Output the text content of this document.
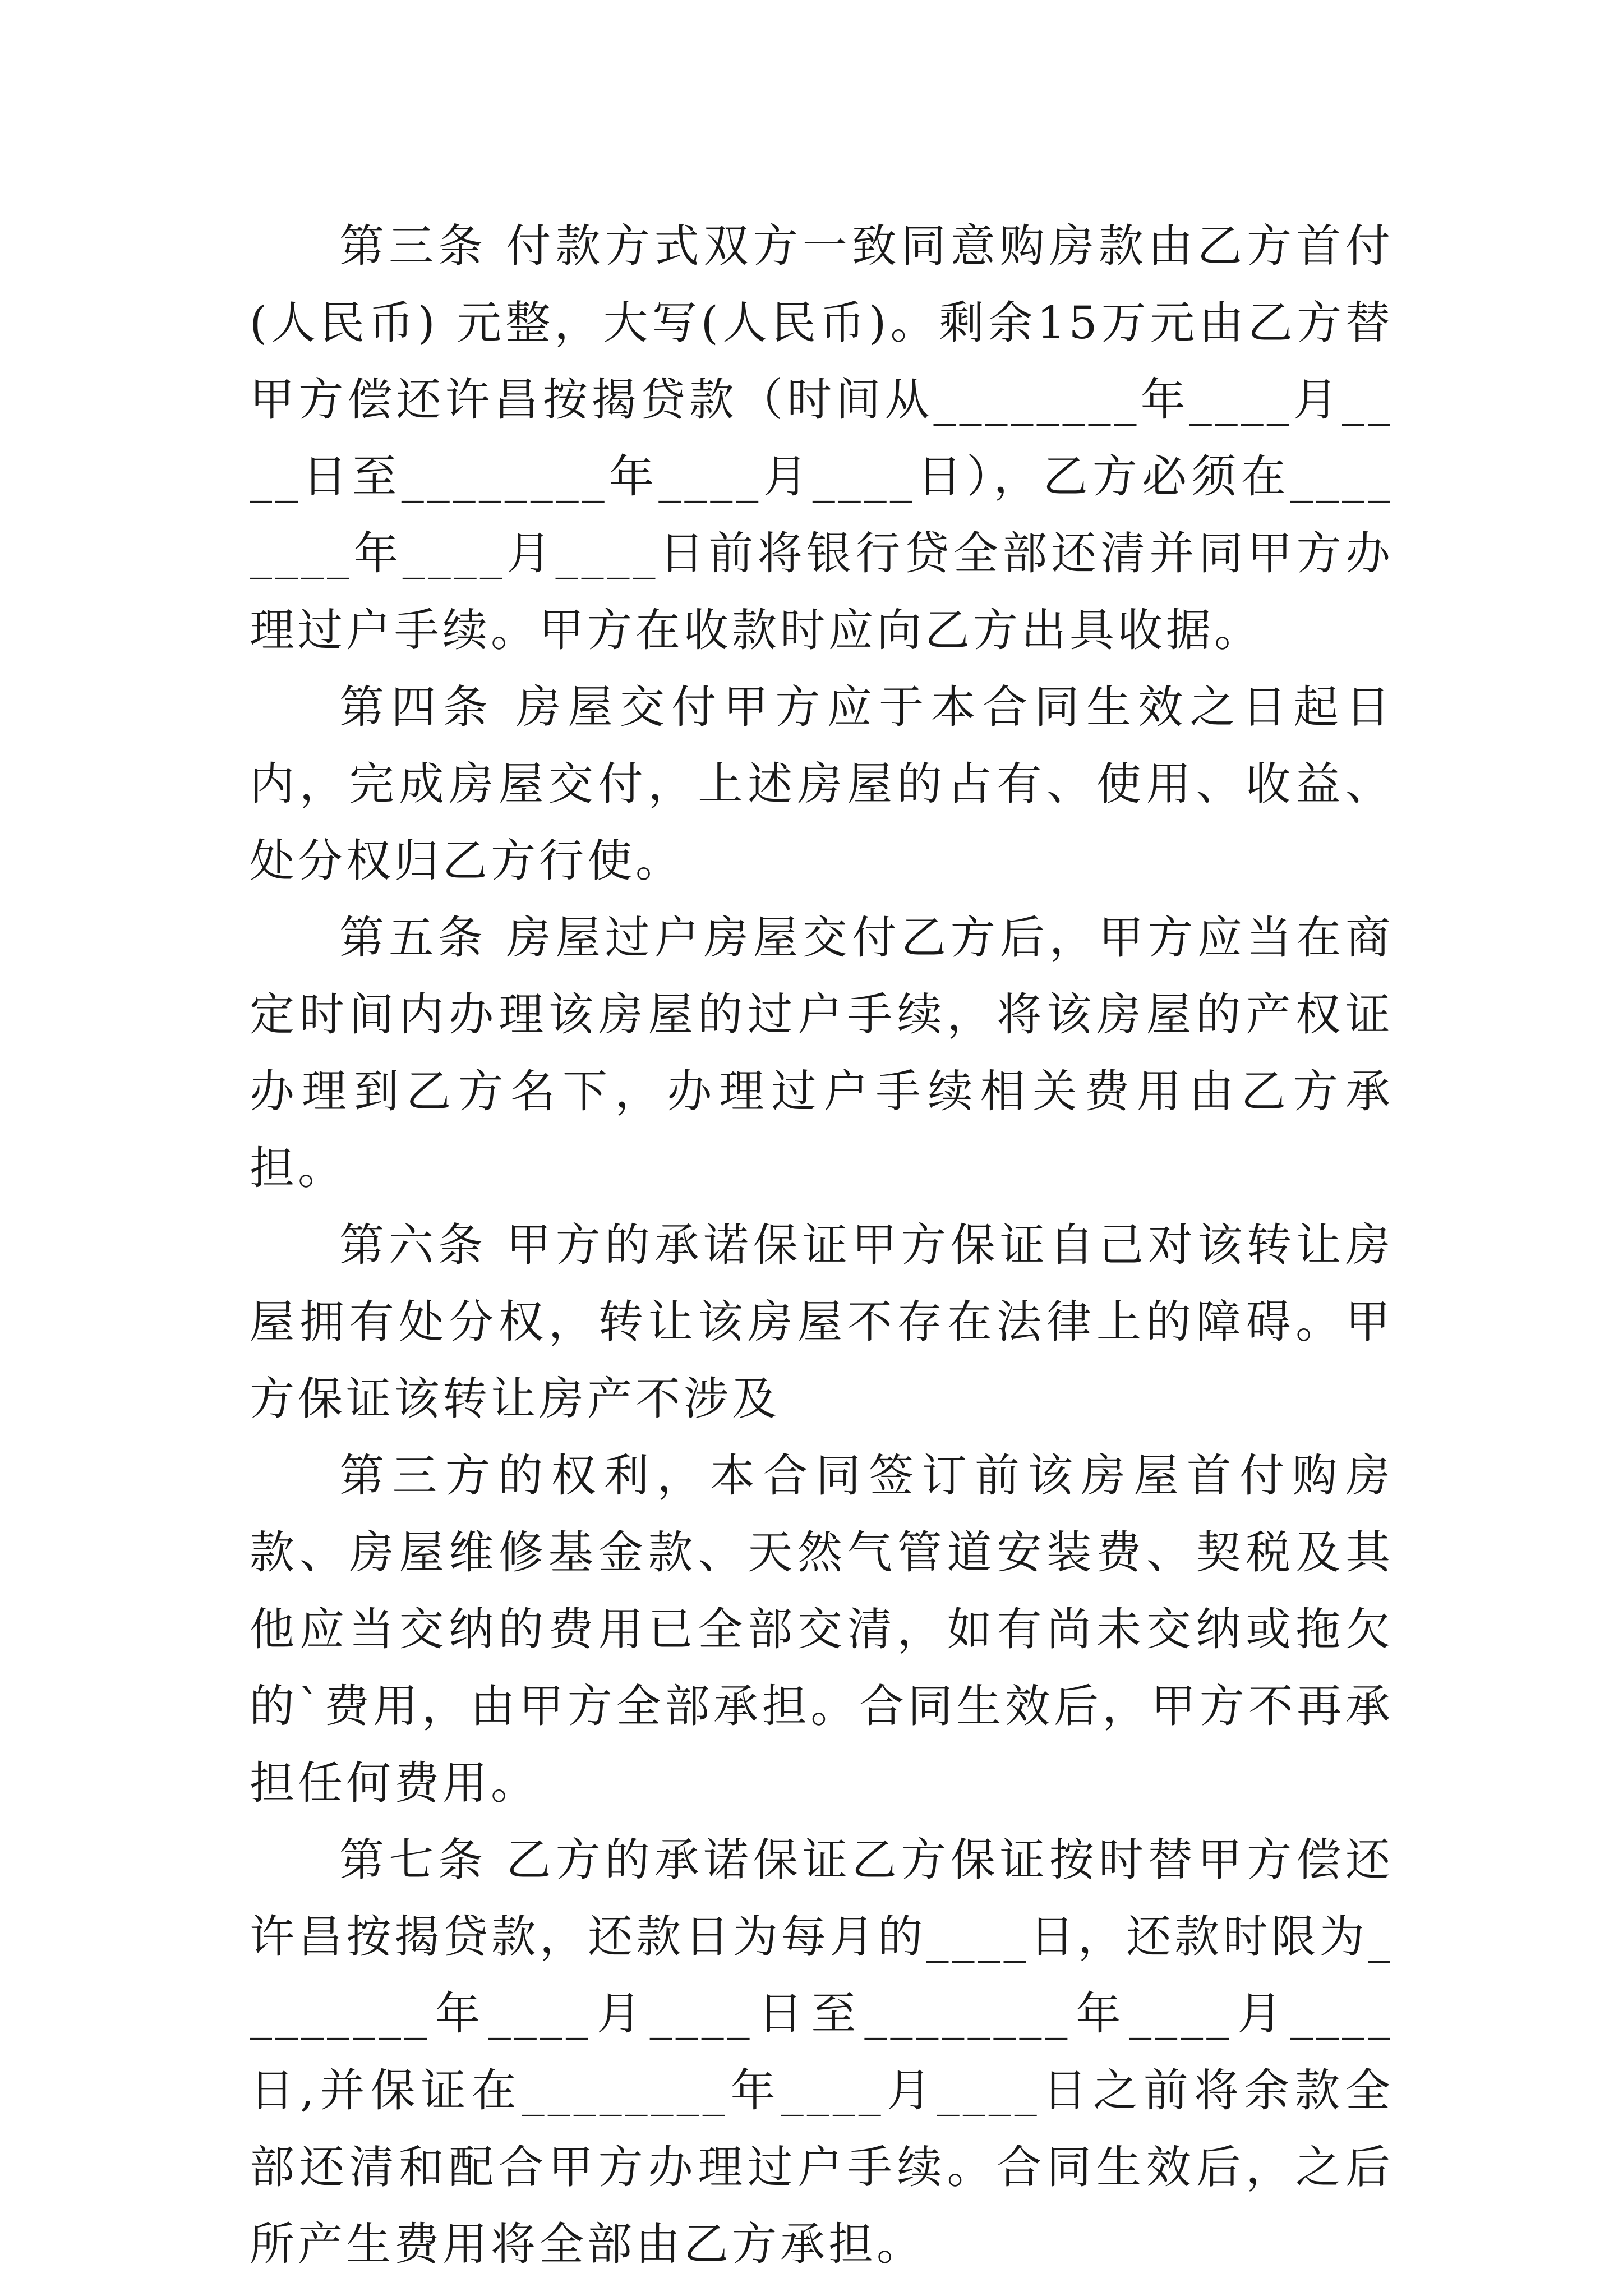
第三条 付款方式双方一致同意购房款由乙方首付(人民币) 元整，大写(人民币)。剩余15万元由乙方替甲方偿还许昌按揭贷款（时间从________年____月____日至________年____月____日），乙方必须在________年____月____日前将银行贷全部还清并同甲方办理过户手续。甲方在收款时应向乙方出具收据。

第四条 房屋交付甲方应于本合同生效之日起日内，完成房屋交付，上述房屋的占有、使用、收益、处分权归乙方行使。

第五条 房屋过户房屋交付乙方后，甲方应当在商定时间内办理该房屋的过户手续，将该房屋的产权证办理到乙方名下，办理过户手续相关费用由乙方承担。

第六条 甲方的承诺保证甲方保证自己对该转让房屋拥有处分权，转让该房屋不存在法律上的障碍。甲方保证该转让房产不涉及

第三方的权利，本合同签订前该房屋首付购房款、房屋维修基金款、天然气管道安装费、契税及其他应当交纳的费用已全部交清，如有尚未交纳或拖欠的`费用，由甲方全部承担。合同生效后，甲方不再承担任何费用。

第七条 乙方的承诺保证乙方保证按时替甲方偿还许昌按揭贷款，还款日为每月的____日，还款时限为________年____月____日至________年____月____日,并保证在________年____月____日之前将余款全部还清和配合甲方办理过户手续。合同生效后，之后所产生费用将全部由乙方承担。
